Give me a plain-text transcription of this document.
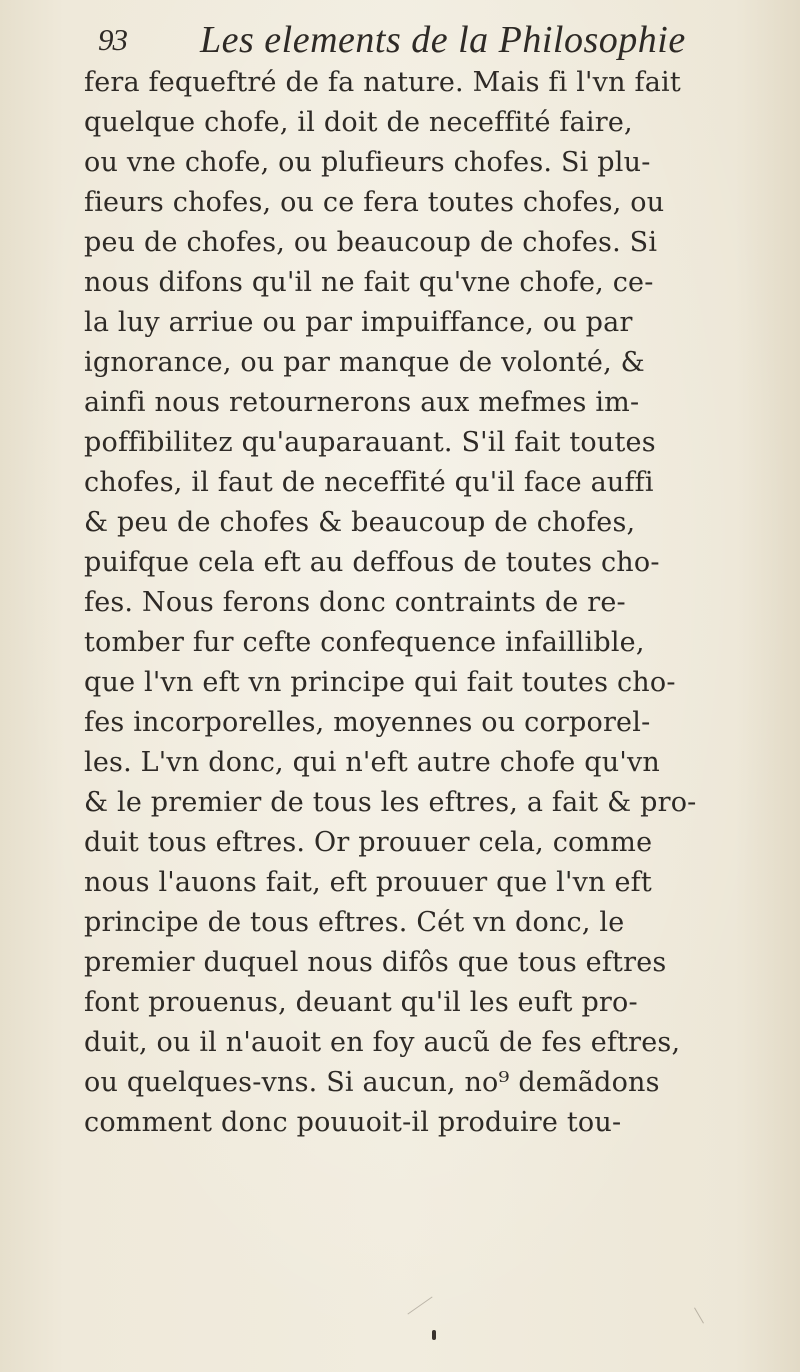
93 Les elements de la Philosophie
fera fequeftré de fa nature. Mais fi l'vn fait
quelque chofe, il doit de neceffité faire,
ou vne chofe, ou plufieurs chofes. Si plu-
fieurs chofes, ou ce fera toutes chofes, ou
peu de chofes, ou beaucoup de chofes. Si
nous difons qu'il ne fait qu'vne chofe, ce-
la luy arriue ou par impuiffance, ou par
ignorance, ou par manque de volonté, &
ainfi nous retournerons aux mefmes im-
poffibilitez qu'auparauant. S'il fait toutes
chofes, il faut de neceffité qu'il face auffi
& peu de chofes & beaucoup de chofes,
puifque cela eft au deffous de toutes cho-
fes. Nous ferons donc contraints de re-
tomber fur cefte confequence infaillible,
que l'vn eft vn principe qui fait toutes cho-
fes incorporelles, moyennes ou corporel-
les. L'vn donc, qui n'eft autre chofe qu'vn
& le premier de tous les eftres, a fait & pro-
duit tous eftres. Or prouuer cela, comme
nous l'auons fait, eft prouuer que l'vn eft
principe de tous eftres. Cét vn donc, le
premier duquel nous difôs que tous eftres
font prouenus, deuant qu'il les euft pro-
duit, ou il n'auoit en foy aucũ de fes eftres,
ou quelques-vns. Si aucun, no⁹ demãdons
comment donc pouuoit-il produire tou-
